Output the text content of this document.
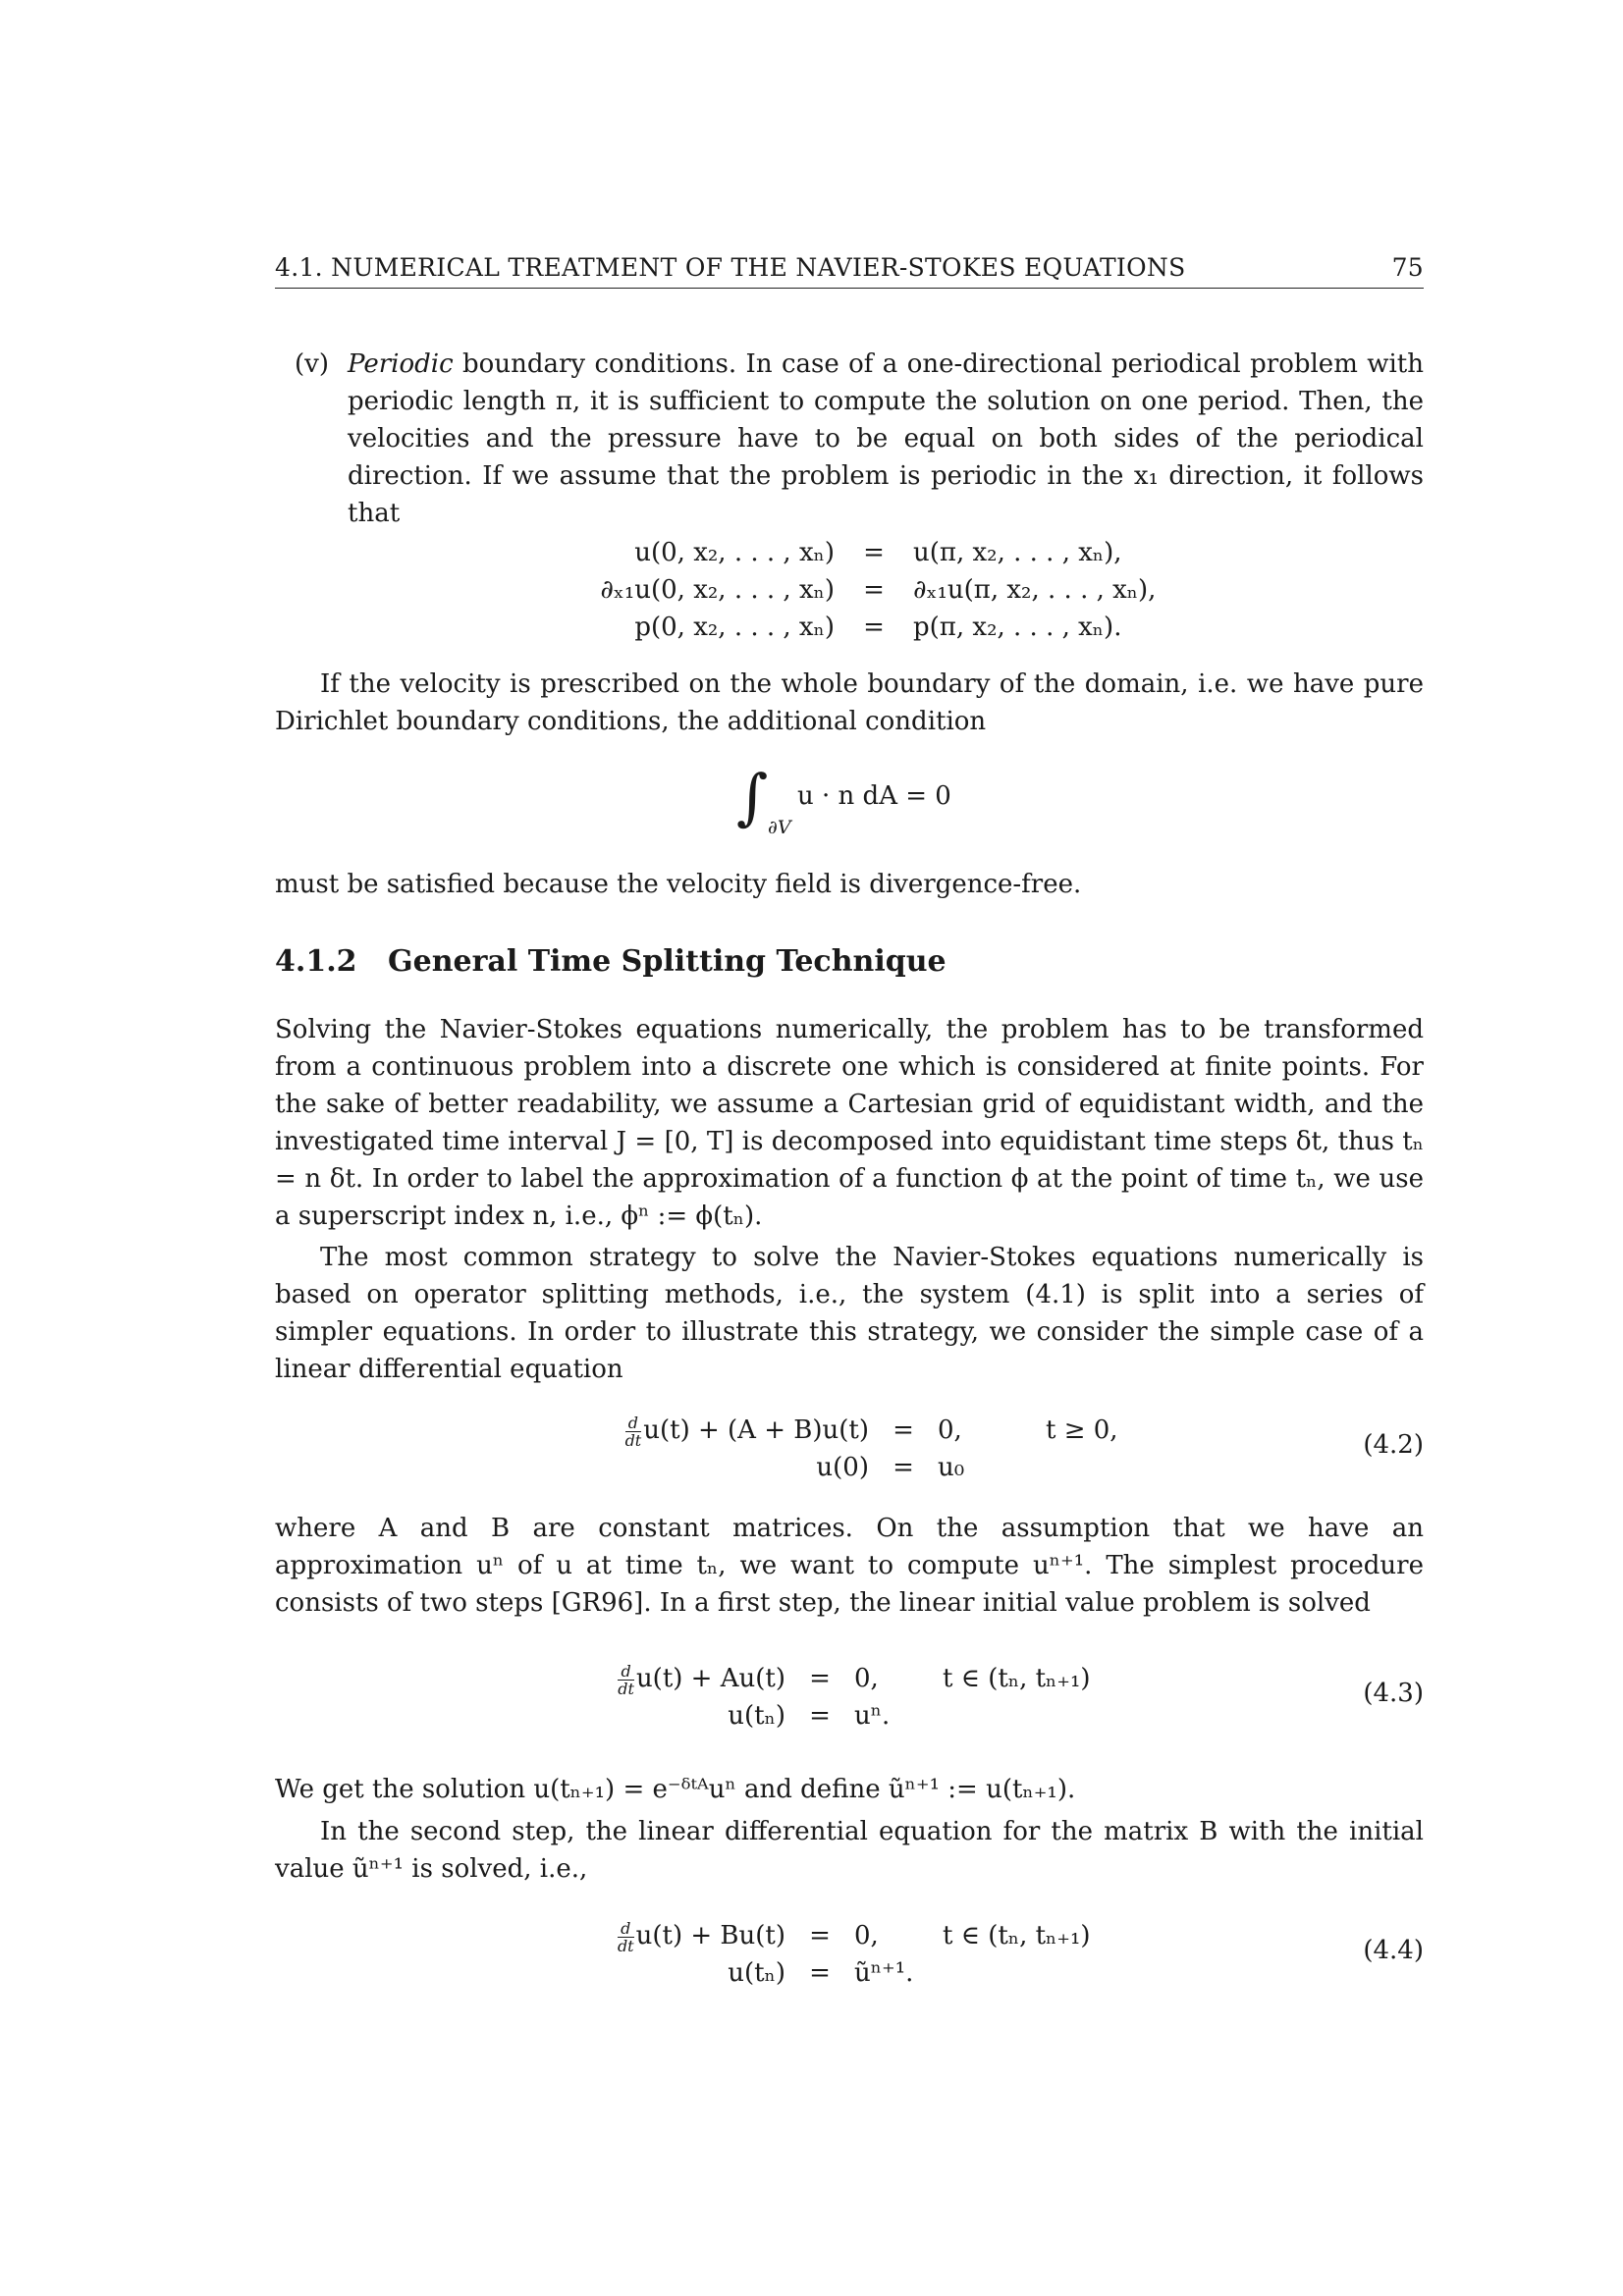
4.1. NUMERICAL TREATMENT OF THE NAVIER-STOKES EQUATIONS	75
(v) Periodic boundary conditions. In case of a one-directional periodical problem with periodic length π, it is sufficient to compute the solution on one period. Then, the velocities and the pressure have to be equal on both sides of the periodical direction. If we assume that the problem is periodic in the x₁ direction, it follows that
u(0, x₂, . . . , xₙ)	=	u(π, x₂, . . . , xₙ),
∂ₓ₁u(0, x₂, . . . , xₙ)	=	∂ₓ₁u(π, x₂, . . . , xₙ),
p(0, x₂, . . . , xₙ)	=	p(π, x₂, . . . , xₙ).
If the velocity is prescribed on the whole boundary of the domain, i.e. we have pure Dirichlet boundary conditions, the additional condition
∫ ∂V
u · n dA = 0
must be satisfied because the velocity field is divergence-free.
4.1.2 General Time Splitting Technique
Solving the Navier-Stokes equations numerically, the problem has to be transformed from a continuous problem into a discrete one which is considered at finite points. For the sake of better readability, we assume a Cartesian grid of equidistant width, and the investigated time interval J = [0, T] is decomposed into equidistant time steps δt, thus tₙ = n δt. In order to label the approximation of a function ϕ at the point of time tₙ, we use a superscript index n, i.e., ϕⁿ := ϕ(tₙ).
The most common strategy to solve the Navier-Stokes equations numerically is based on operator splitting methods, i.e., the system (4.1) is split into a series of simpler equations. In order to illustrate this strategy, we consider the simple case of a linear differential equation
$\frac{d}{dt} u(t) + (A + B)u(t) = 0$,	t ≥ 0,
u(0) = u₀
(4.2)
where A and B are constant matrices. On the assumption that we have an approximation uⁿ of u at time tₙ, we want to compute uⁿ⁺¹. The simplest procedure consists of two steps [GR96]. In a first step, the linear initial value problem is solved
$\frac{d}{dt} u(t) + Au(t) = 0$,	t ∈ (tₙ, tₙ₊₁)
u(tₙ) = uⁿ.
(4.3)
We get the solution u(tₙ₊₁) = e⁻ᵟᵗᴬuⁿ and define ũⁿ⁺¹ := u(tₙ₊₁).
In the second step, the linear differential equation for the matrix B with the initial value ũⁿ⁺¹ is solved, i.e.,
$\frac{d}{dt} u(t) + Bu(t) = 0$,	t ∈ (tₙ, tₙ₊₁)
u(tₙ) = ũⁿ⁺¹.
(4.4)
